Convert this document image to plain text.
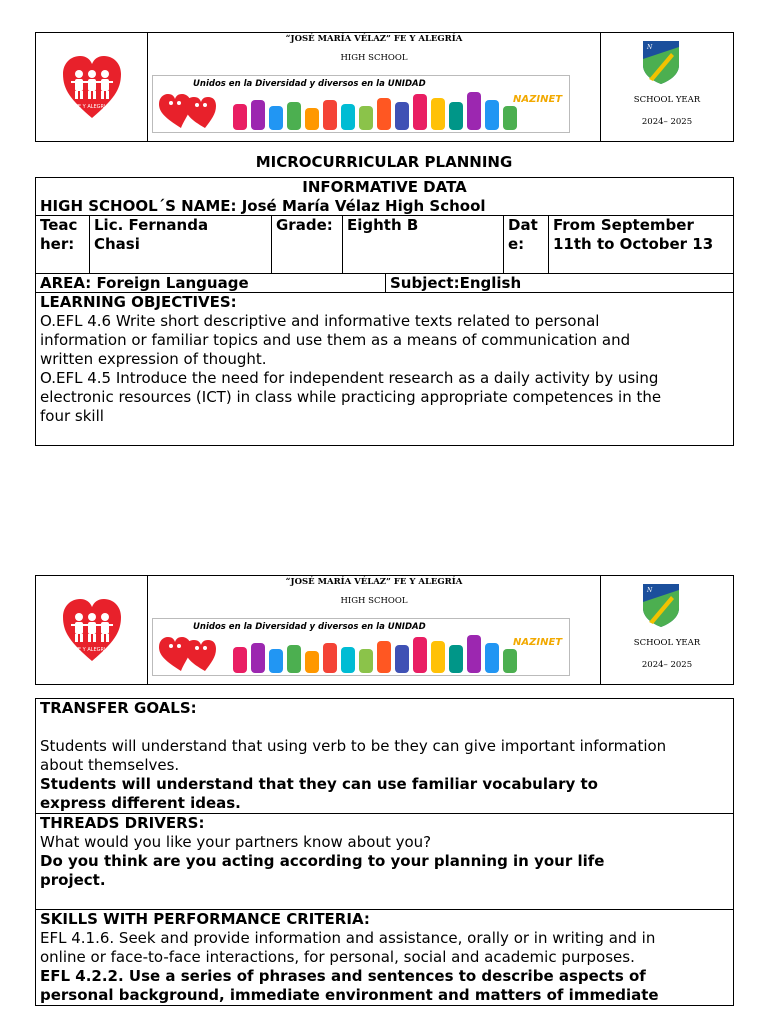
FE Y ALEGRIA
“JOSÉ MARÍA VÉLAZ” FE Y ALEGRÍA
HIGH SCHOOL
NAZINET
Unidos en la Diversidad y diversos en la UNIDAD
N
SCHOOL YEAR
2024– 2025
MICROCURRICULAR PLANNING
INFORMATIVE DATA
HIGH SCHOOL´S NAME: José María Vélaz High School
Teac
her:
Lic. Fernanda
Chasi
Grade: Eighth B	Dat
e:
From September
11th to October 13
AREA: Foreign Language	Subject:English
LEARNING OBJECTIVES:
O.EFL 4.6 Write short descriptive and informative texts related to personal
information or familiar topics and use them as a means of communication and
written expression of thought.
O.EFL 4.5 Introduce the need for independent research as a daily activity by using
electronic resources (ICT) in class while practicing appropriate competences in the
four skill
FE Y ALEGRIA
“JOSÉ MARÍA VÉLAZ” FE Y ALEGRÍA
HIGH SCHOOL
NAZINET
Unidos en la Diversidad y diversos en la UNIDAD
N
SCHOOL YEAR
2024– 2025
TRANSFER GOALS:
Students will understand that using verb to be they can give important information
about themselves.
Students will understand that they can use familiar vocabulary to
express different ideas.
THREADS DRIVERS:
What would you like your partners know about you?
Do you think are you acting according to your planning in your life
project.
SKILLS WITH PERFORMANCE CRITERIA:
EFL 4.1.6. Seek and provide information and assistance, orally or in writing and in
online or face-to-face interactions, for personal, social and academic purposes.
EFL 4.2.2. Use a series of phrases and sentences to describe aspects of
personal background, immediate environment and matters of immediate
